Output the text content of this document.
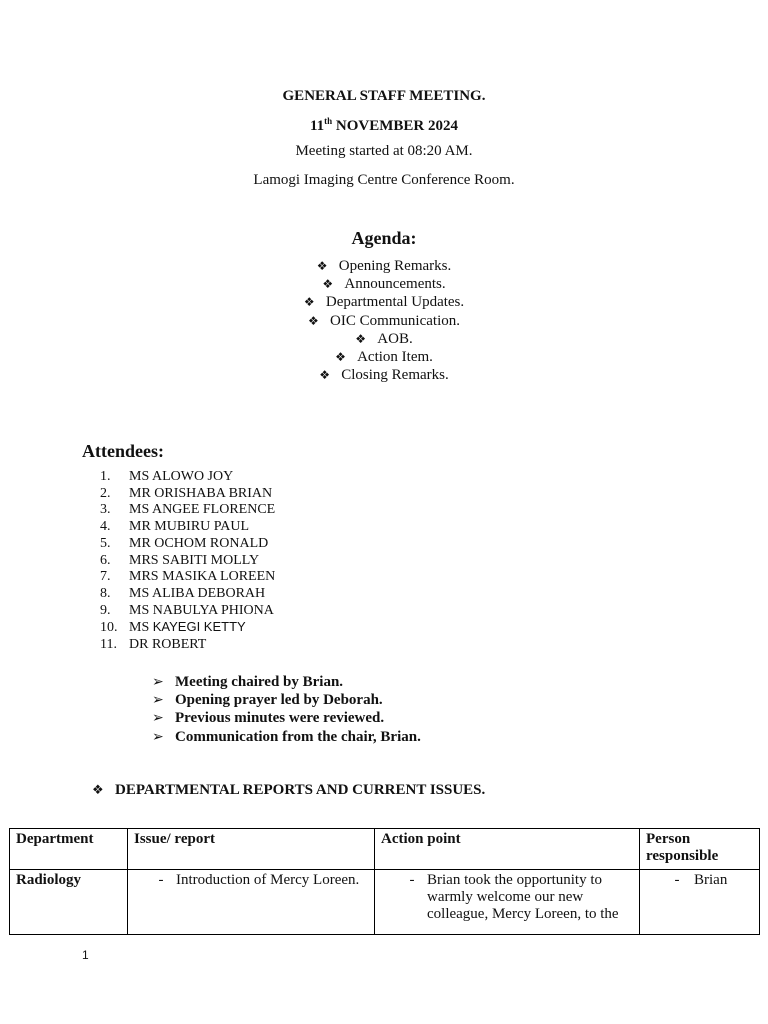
GENERAL STAFF MEETING.
11th NOVEMBER 2024
Meeting started at 08:20 AM.
Lamogi Imaging Centre Conference Room.
Agenda:
❖ Opening Remarks.
❖ Announcements.
❖ Departmental Updates.
❖ OIC Communication.
❖ AOB.
❖ Action Item.
❖ Closing Remarks.
Attendees:
1. MS ALOWO JOY
2. MR ORISHABA BRIAN
3. MS ANGEE FLORENCE
4. MR MUBIRU PAUL
5. MR OCHOM RONALD
6. MRS SABITI MOLLY
7. MRS MASIKA LOREEN
8. MS ALIBA DEBORAH
9. MS NABULYA PHIONA
10. MS KAYEGI KETTY
11. DR ROBERT
➢ Meeting chaired by Brian.
➢ Opening prayer led by Deborah.
➢ Previous minutes were reviewed.
➢ Communication from the chair, Brian.
❖ DEPARTMENTAL REPORTS AND CURRENT ISSUES.
Department	Issue/ report	Action point	Person responsible
Radiology	- Introduction of Mercy Loreen.	- Brian took the opportunity to warmly welcome our new colleague, Mercy Loreen, to the	- Brian
1
